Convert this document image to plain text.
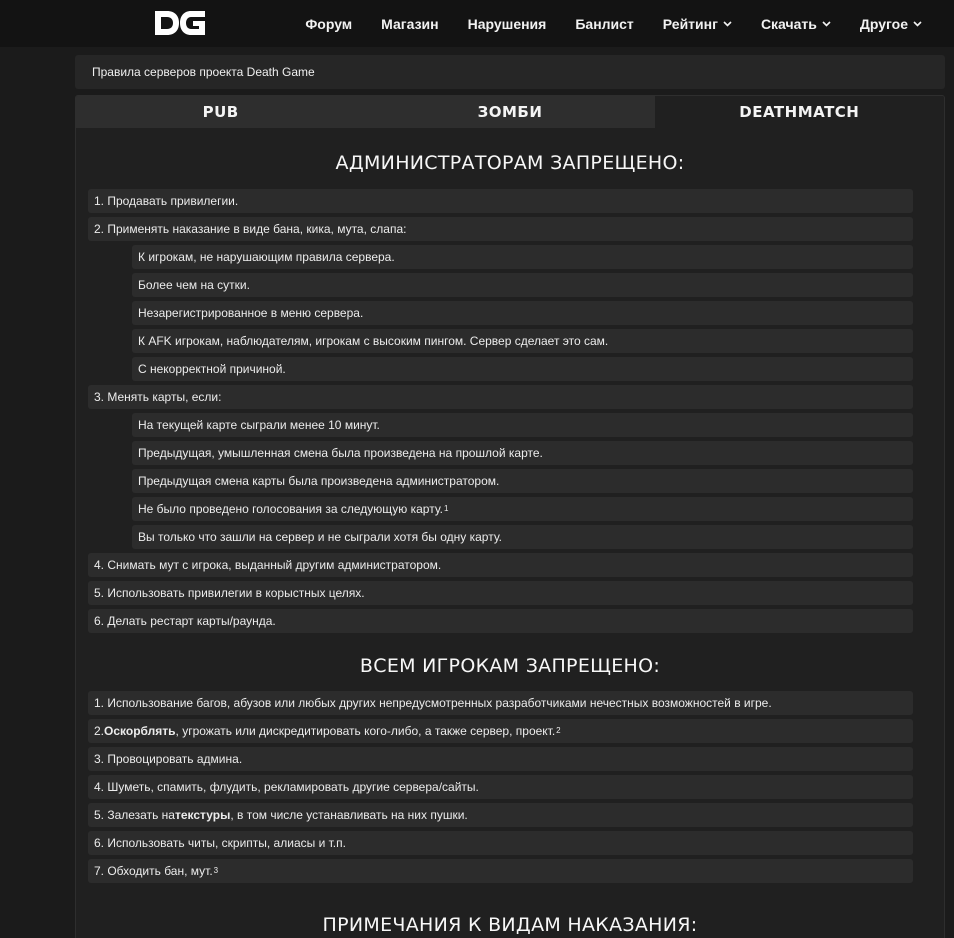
Форум Магазин Нарушения Банлист Рейтинг	Скачать	Другое
Правила серверов проекта Death Game
PUB	ЗОМБИ	DEATHMATCH
АДМИНИСТРАТОРАМ ЗАПРЕЩЕНО:
1. Продавать привилегии.
2. Применять наказание в виде бана, кика, мута, слапа:
К игрокам, не нарушающим правила сервера.
Более чем на сутки.
Незарегистрированное в меню сервера.
К AFK игрокам, наблюдателям, игрокам с высоким пингом. Сервер сделает это сам.
С некорректной причиной.
3. Менять карты, если:
На текущей карте сыграли менее 10 минут.
Предыдущая, умышленная смена была произведена на прошлой карте.
Предыдущая смена карты была произведена администратором.
Не было проведено голосования за следующую карту. 1
Вы только что зашли на сервер и не сыграли хотя бы одну карту.
4. Снимать мут с игрока, выданный другим администратором.
5. Использовать привилегии в корыстных целях.
6. Делать рестарт карты/раунда.
ВСЕМ ИГРОКАМ ЗАПРЕЩЕНО:
1. Использование багов, абузов или любых других непредусмотренных разработчиками нечестных возможностей в игре.
2. Оскорблять , угрожать или дискредитировать кого-либо, а также сервер, проект. 2
3. Провоцировать админа.
4. Шуметь, спамить, флудить, рекламировать другие сервера/сайты.
5. Залезать на текстуры , в том числе устанавливать на них пушки.
6. Использовать читы, скрипты, алиасы и т.п.
7. Обходить бан, мут. 3
ПРИМЕЧАНИЯ К ВИДАМ НАКАЗАНИЯ:
